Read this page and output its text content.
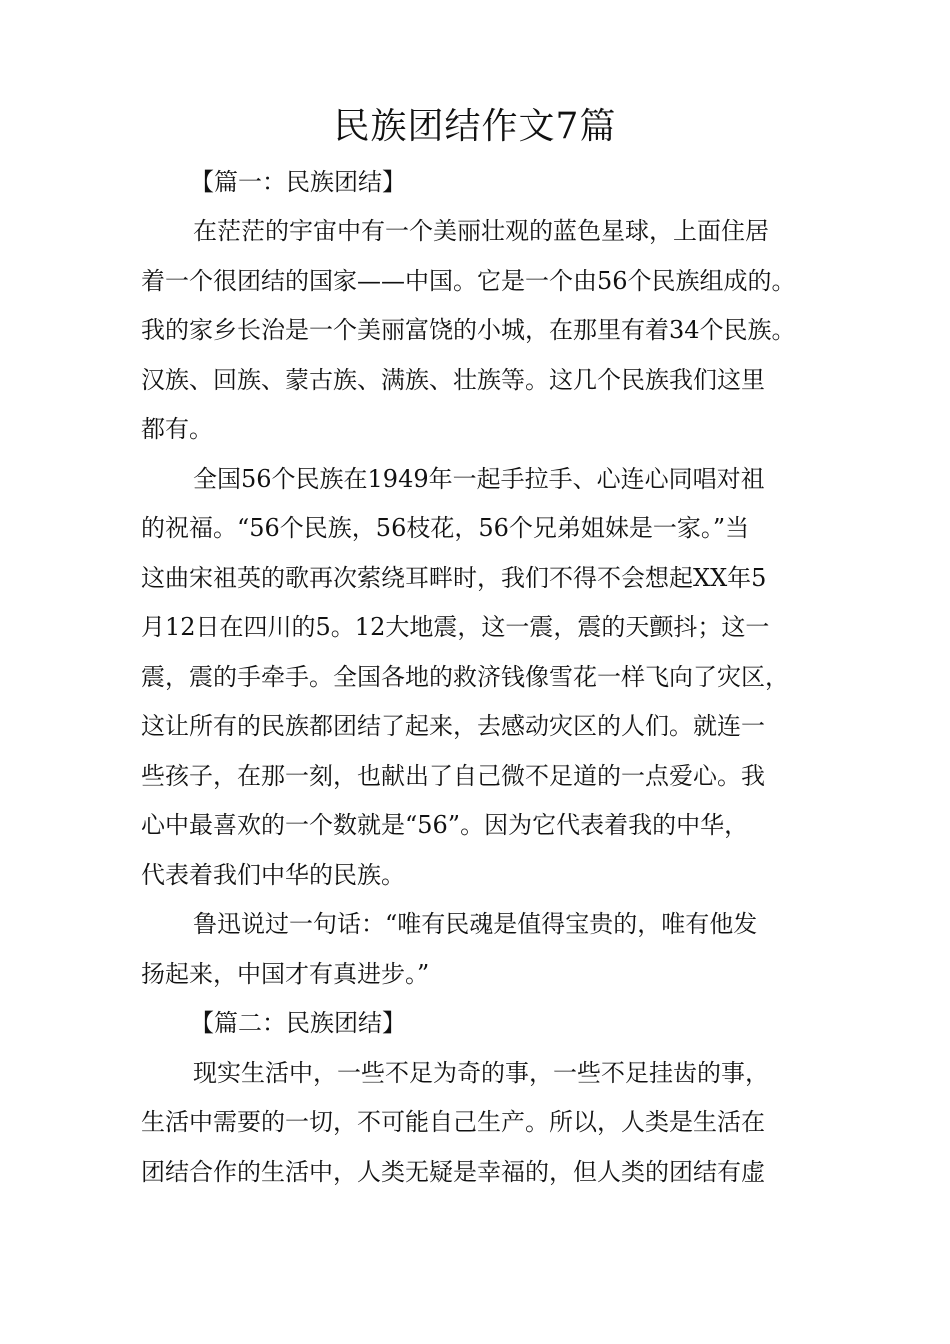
民族团结作文7篇

【篇一：民族团结】

在茫茫的宇宙中有一个美丽壮观的蓝色星球，上面住居

着一个很团结的国家——中国。它是一个由56个民族组成的。

我的家乡长治是一个美丽富饶的小城，在那里有着34个民族。

汉族、回族、蒙古族、满族、壮族等。这几个民族我们这里

都有。

全国56个民族在1949年一起手拉手、心连心同唱对祖

的祝福。“56个民族，56枝花，56个兄弟姐妹是一家。”当

这曲宋祖英的歌再次萦绕耳畔时，我们不得不会想起XX年5

月12日在四川的5。12大地震，这一震，震的天颤抖；这一

震，震的手牵手。全国各地的救济钱像雪花一样飞向了灾区，

这让所有的民族都团结了起来，去感动灾区的人们。就连一

些孩子，在那一刻，也献出了自己微不足道的一点爱心。我

心中最喜欢的一个数就是“56”。因为它代表着我的中华，

代表着我们中华的民族。

鲁迅说过一句话：“唯有民魂是值得宝贵的，唯有他发

扬起来，中国才有真进步。”

【篇二：民族团结】

现实生活中，一些不足为奇的事，一些不足挂齿的事，

生活中需要的一切，不可能自己生产。所以，人类是生活在

团结合作的生活中，人类无疑是幸福的，但人类的团结有虚
